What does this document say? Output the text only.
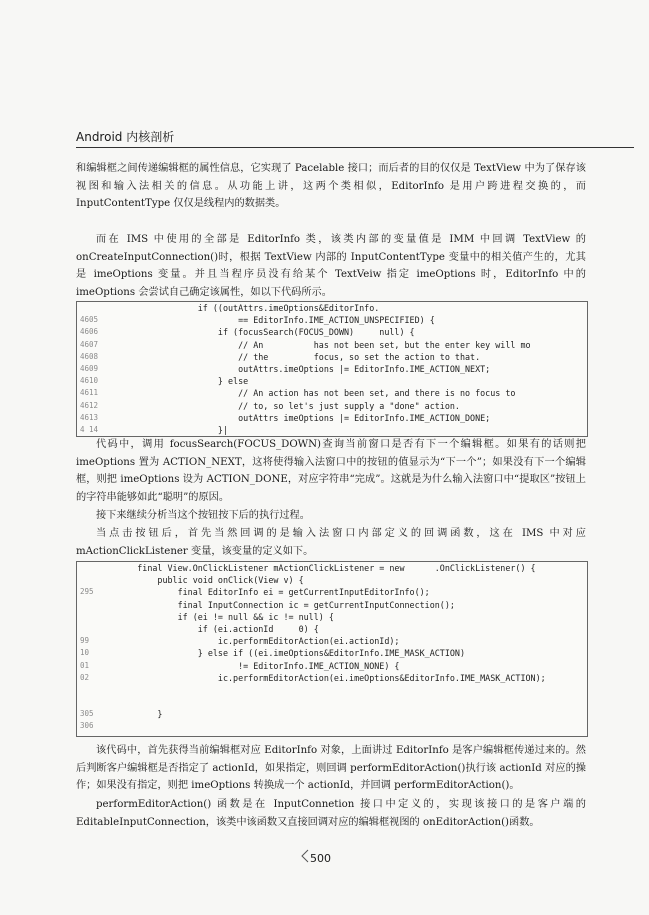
Android 内核剖析

和编辑框之间传递编辑框的属性信息，它实现了 Pacelable 接口；而后者的目的仅仅是 TextView 中为了保存该视图和输入法相关的信息。从功能上讲，这两个类相似，EditorInfo 是用户跨进程交换的，而 InputContentType 仅仅是线程内的数据类。

而在 IMS 中使用的全部是 EditorInfo 类，该类内部的变量值是 IMM 中回调 TextView 的 onCreateInputConnection()时，根据 TextView 内部的 InputContentType 变量中的相关值产生的，尤其是 imeOptions 变量。并且当程序员没有给某个 TextVeiw 指定 imeOptions 时，EditorInfo 中的 imeOptions 会尝试自己确定该属性，如以下代码所示。

if ((outAttrs.imeOptions&EditorInfo.
4605	== EditorInfo.IME_ACTION_UNSPECIFIED) {
4606	if (focusSearch(FOCUS_DOWN)     null) {
4607	// An          has not been set, but the enter key will mo
4608	// the         focus, so set the action to that.
4609	outAttrs.imeOptions |= EditorInfo.IME_ACTION_NEXT;
4610	} else
4611	// An action has not been set, and there is no focus to
4612	// to, so let's just supply a "done" action.
4613	outAttrs imeOptions |= EditorInfo.IME_ACTION_DONE;
4 14	}|

代码中，调用 focusSearch(FOCUS_DOWN)查询当前窗口是否有下一个编辑框。如果有的话则把 imeOptions 置为 ACTION_NEXT，这将使得输入法窗口中的按钮的值显示为“下一个”；如果没有下一个编辑框，则把 imeOptions 设为 ACTION_DONE，对应字符串“完成”。这就是为什么输入法窗口中“提取区”按钮上的字符串能够如此“聪明”的原因。

接下来继续分析当这个按钮按下后的执行过程。

当点击按钮后，首先当然回调的是输入法窗口内部定义的回调函数，这在 IMS 中对应 mActionClickListener 变量，该变量的定义如下。

final View.OnClickListener mActionClickListener = new      .OnClickListener() {
public void onClick(View v) {
295	final EditorInfo ei = getCurrentInputEditorInfo();
final InputConnection ic = getCurrentInputConnection();
if (ei != null && ic != null) {
if (ei.actionId     0) {
99	ic.performEditorAction(ei.actionId);
10	} else if ((ei.imeOptions&EditorInfo.IME_MASK_ACTION)
01	!= EditorInfo.IME_ACTION_NONE) {
02	ic.performEditorAction(ei.imeOptions&EditorInfo.IME_MASK_ACTION);
305	}
306

该代码中，首先获得当前编辑框对应 EditorInfo 对象，上面讲过 EditorInfo 是客户编辑框传递过来的。然后判断客户编辑框是否指定了 actionId，如果指定，则回调 performEditorAction()执行该 actionId 对应的操作；如果没有指定，则把 imeOptions 转换成一个 actionId，并回调 performEditorAction()。

performEditorAction() 函数是在 InputConnetion 接口中定义的，实现该接口的是客户端的 EditableInputConnection，该类中该函数又直接回调对应的编辑框视图的 onEditorAction()函数。

500
